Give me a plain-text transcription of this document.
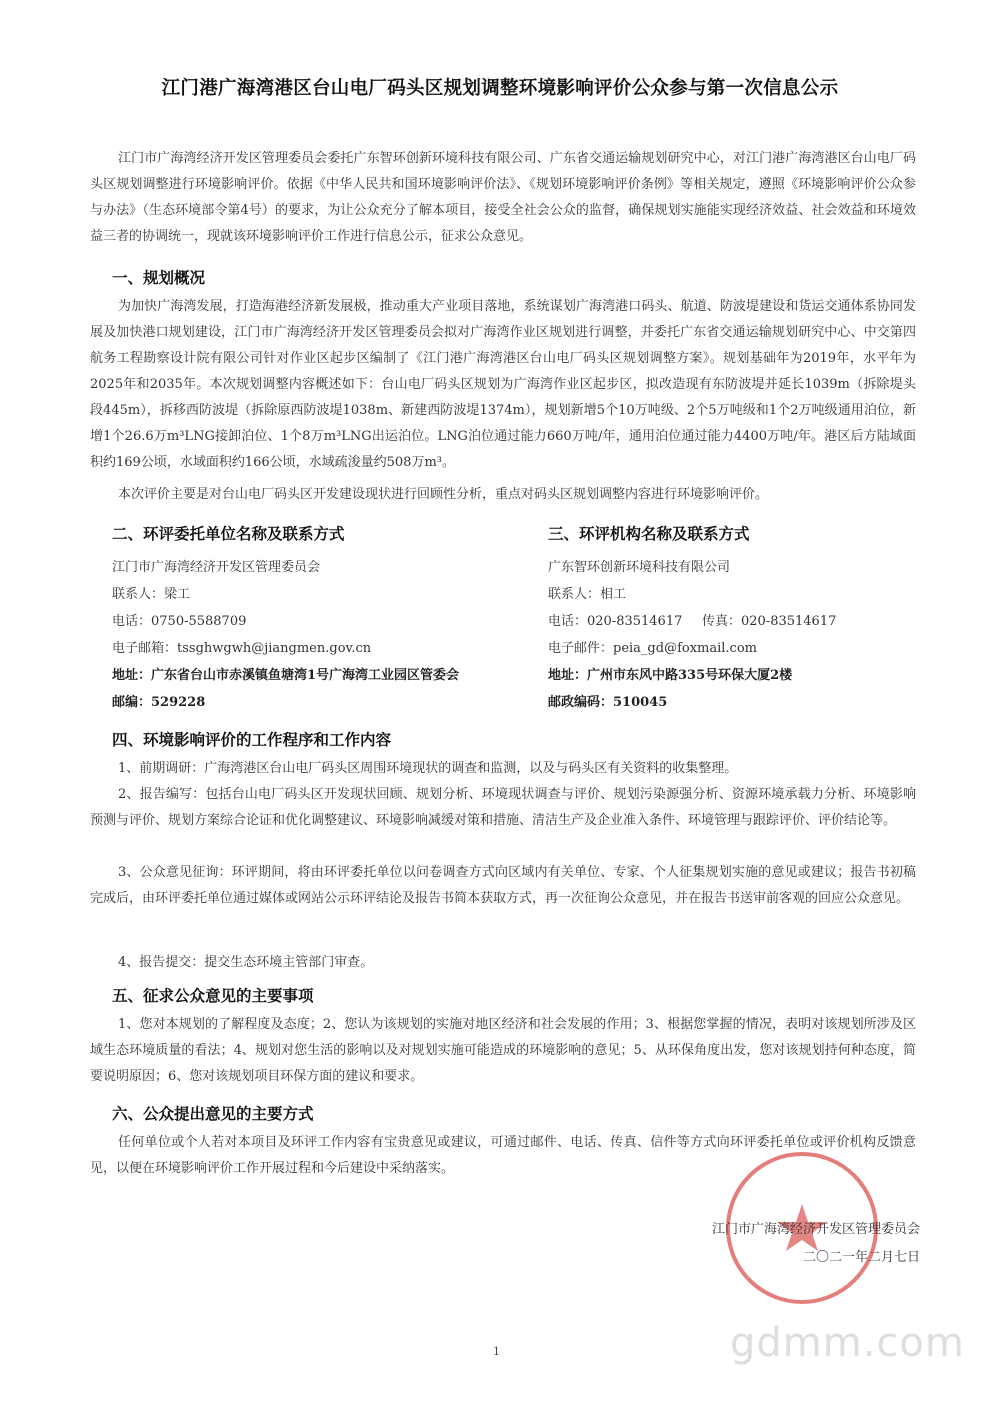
江门港广海湾港区台山电厂码头区规划调整环境影响评价公众参与第一次信息公示

江门市广海湾经济开发区管理委员会委托广东智环创新环境科技有限公司、广东省交通运输规划研究中心，对江门港广海湾港区台山电厂码头区规划调整进行环境影响评价。依据《中华人民共和国环境影响评价法》、《规划环境影响评价条例》等相关规定，遵照《环境影响评价公众参与办法》（生态环境部令第4号）的要求，为让公众充分了解本项目，接受全社会公众的监督，确保规划实施能实现经济效益、社会效益和环境效益三者的协调统一，现就该环境影响评价工作进行信息公示，征求公众意见。

一、规划概况

为加快广海湾发展，打造海港经济新发展极，推动重大产业项目落地，系统谋划广海湾港口码头、航道、防波堤建设和货运交通体系协同发展及加快港口规划建设，江门市广海湾经济开发区管理委员会拟对广海湾作业区规划进行调整，并委托广东省交通运输规划研究中心、中交第四航务工程勘察设计院有限公司针对作业区起步区编制了《江门港广海湾港区台山电厂码头区规划调整方案》。规划基础年为2019年，水平年为2025年和2035年。本次规划调整内容概述如下：台山电厂码头区规划为广海湾作业区起步区，拟改造现有东防波堤并延长1039m（拆除堤头段445m），拆移西防波堤（拆除原西防波堤1038m、新建西防波堤1374m），规划新增5个10万吨级、2个5万吨级和1个2万吨级通用泊位，新增1个26.6万m³LNG接卸泊位、1个8万m³LNG出运泊位。LNG泊位通过能力660万吨/年，通用泊位通过能力4400万吨/年。港区后方陆域面积约169公顷，水域面积约166公顷，水域疏浚量约508万m³。

本次评价主要是对台山电厂码头区开发建设现状进行回顾性分析，重点对码头区规划调整内容进行环境影响评价。

二、环评委托单位名称及联系方式	三、环评机构名称及联系方式
江门市广海湾经济开发区管理委员会
联系人：梁工
电话：0750-5588709
电子邮箱：tssghwgwh@jiangmen.gov.cn
地址：广东省台山市赤溪镇鱼塘湾1号广海湾工业园区管委会
邮编：529228
广东智环创新环境科技有限公司
联系人：相工
电话：020-83514617 传真：020-83514617
电子邮件：peia_gd@foxmail.com
地址：广州市东风中路335号环保大厦2楼
邮政编码：510045
四、环境影响评价的工作程序和工作内容

1、前期调研：广海湾港区台山电厂码头区周围环境现状的调查和监测，以及与码头区有关资料的收集整理。

2、报告编写：包括台山电厂码头区开发现状回顾、规划分析、环境现状调查与评价、规划污染源强分析、资源环境承载力分析、环境影响预测与评价、规划方案综合论证和优化调整建议、环境影响减缓对策和措施、清洁生产及企业准入条件、环境管理与跟踪评价、评价结论等。

3、公众意见征询：环评期间，将由环评委托单位以问卷调查方式向区域内有关单位、专家、个人征集规划实施的意见或建议；报告书初稿完成后，由环评委托单位通过媒体或网站公示环评结论及报告书简本获取方式，再一次征询公众意见，并在报告书送审前客观的回应公众意见。

4、报告提交：提交生态环境主管部门审查。

五、征求公众意见的主要事项

1、您对本规划的了解程度及态度；2、您认为该规划的实施对地区经济和社会发展的作用；3、根据您掌握的情况，表明对该规划所涉及区域生态环境质量的看法；4、规划对您生活的影响以及对规划实施可能造成的环境影响的意见；5、从环保角度出发，您对该规划持何种态度，简要说明原因；6、您对该规划项目环保方面的建议和要求。

六、公众提出意见的主要方式

任何单位或个人若对本项目及环评工作内容有宝贵意见或建议，可通过邮件、电话、传真、信件等方式向环评委托单位或评价机构反馈意见，以便在环境影响评价工作开展过程和今后建设中采纳落实。

江门市广海湾经济开发区管理委员会
二〇二一年二月七日
1	gdmm.com
